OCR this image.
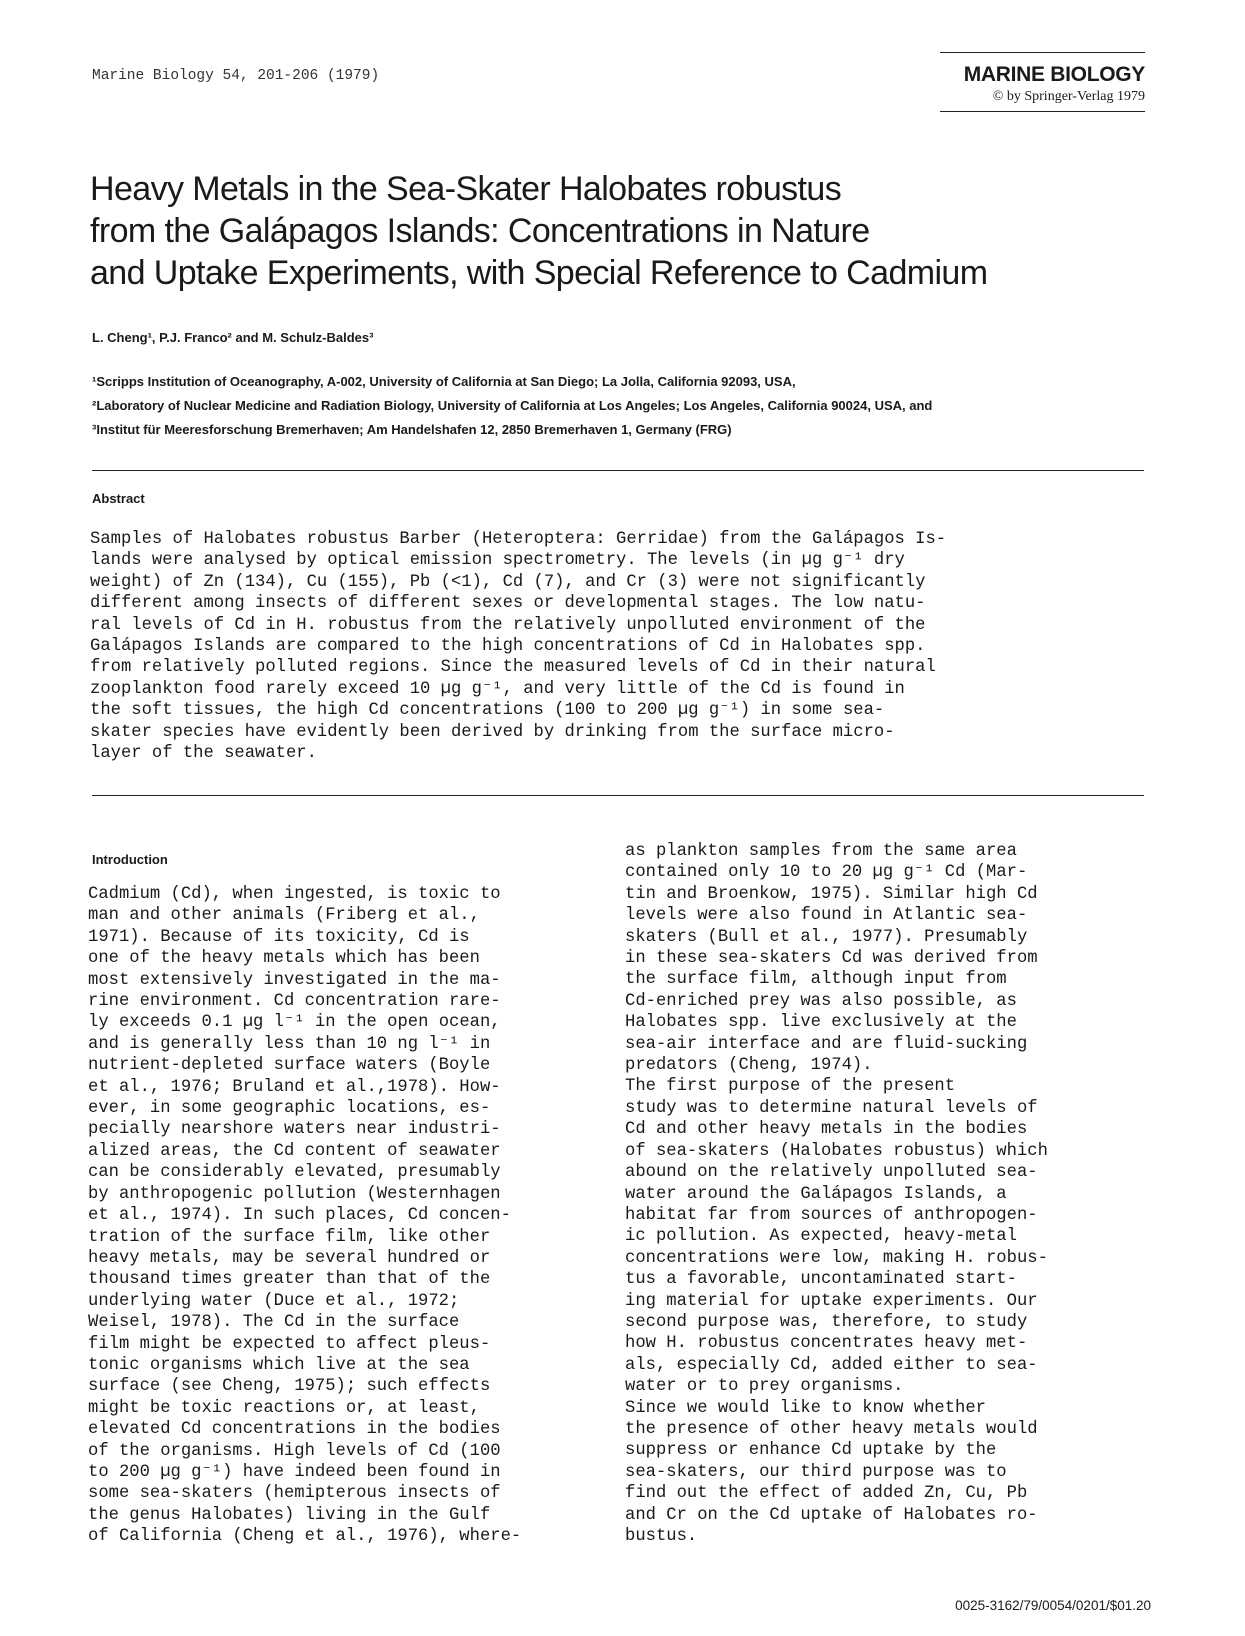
Marine Biology 54, 201-206 (1979)	MARINE BIOLOGY
© by Springer-Verlag 1979
Heavy Metals in the Sea-Skater Halobates robustus
from the Galápagos Islands: Concentrations in Nature
and Uptake Experiments, with Special Reference to Cadmium
L. Cheng¹, P.J. Franco² and M. Schulz-Baldes³
¹Scripps Institution of Oceanography, A-002, University of California at San Diego; La Jolla, California 92093, USA,
²Laboratory of Nuclear Medicine and Radiation Biology, University of California at Los Angeles; Los Angeles, California 90024, USA, and
³Institut für Meeresforschung Bremerhaven; Am Handelshafen 12, 2850 Bremerhaven 1, Germany (FRG)
Abstract
Samples of Halobates robustus Barber (Heteroptera: Gerridae) from the Galápagos Is-
lands were analysed by optical emission spectrometry. The levels (in µg g⁻¹ dry
weight) of Zn (134), Cu (155), Pb (<1), Cd (7), and Cr (3) were not significantly
different among insects of different sexes or developmental stages. The low natu-
ral levels of Cd in H. robustus from the relatively unpolluted environment of the
Galápagos Islands are compared to the high concentrations of Cd in Halobates spp.
from relatively polluted regions. Since the measured levels of Cd in their natural
zooplankton food rarely exceed 10 µg g⁻¹, and very little of the Cd is found in
the soft tissues, the high Cd concentrations (100 to 200 µg g⁻¹) in some sea-
skater species have evidently been derived by drinking from the surface micro-
layer of the seawater.
Introduction
Cadmium (Cd), when ingested, is toxic to
man and other animals (Friberg et al.,
1971). Because of its toxicity, Cd is
one of the heavy metals which has been
most extensively investigated in the ma-
rine environment. Cd concentration rare-
ly exceeds 0.1 µg l⁻¹ in the open ocean,
and is generally less than 10 ng l⁻¹ in
nutrient-depleted surface waters (Boyle
et al., 1976; Bruland et al.,1978). How-
ever, in some geographic locations, es-
pecially nearshore waters near industri-
alized areas, the Cd content of seawater
can be considerably elevated, presumably
by anthropogenic pollution (Westernhagen
et al., 1974). In such places, Cd concen-
tration of the surface film, like other
heavy metals, may be several hundred or
thousand times greater than that of the
underlying water (Duce et al., 1972;
Weisel, 1978). The Cd in the surface
film might be expected to affect pleus-
tonic organisms which live at the sea
surface (see Cheng, 1975); such effects
might be toxic reactions or, at least,
elevated Cd concentrations in the bodies
of the organisms. High levels of Cd (100
to 200 µg g⁻¹) have indeed been found in
some sea-skaters (hemipterous insects of
the genus Halobates) living in the Gulf
of California (Cheng et al., 1976), where-
as plankton samples from the same area
contained only 10 to 20 µg g⁻¹ Cd (Mar-
tin and Broenkow, 1975). Similar high Cd
levels were also found in Atlantic sea-
skaters (Bull et al., 1977). Presumably
in these sea-skaters Cd was derived from
the surface film, although input from
Cd-enriched prey was also possible, as
Halobates spp. live exclusively at the
sea-air interface and are fluid-sucking
predators (Cheng, 1974).
The first purpose of the present
study was to determine natural levels of
Cd and other heavy metals in the bodies
of sea-skaters (Halobates robustus) which
abound on the relatively unpolluted sea-
water around the Galápagos Islands, a
habitat far from sources of anthropogen-
ic pollution. As expected, heavy-metal
concentrations were low, making H. robus-
tus a favorable, uncontaminated start-
ing material for uptake experiments. Our
second purpose was, therefore, to study
how H. robustus concentrates heavy met-
als, especially Cd, added either to sea-
water or to prey organisms.
Since we would like to know whether
the presence of other heavy metals would
suppress or enhance Cd uptake by the
sea-skaters, our third purpose was to
find out the effect of added Zn, Cu, Pb
and Cr on the Cd uptake of Halobates ro-
bustus.
0025-3162/79/0054/0201/$01.20
